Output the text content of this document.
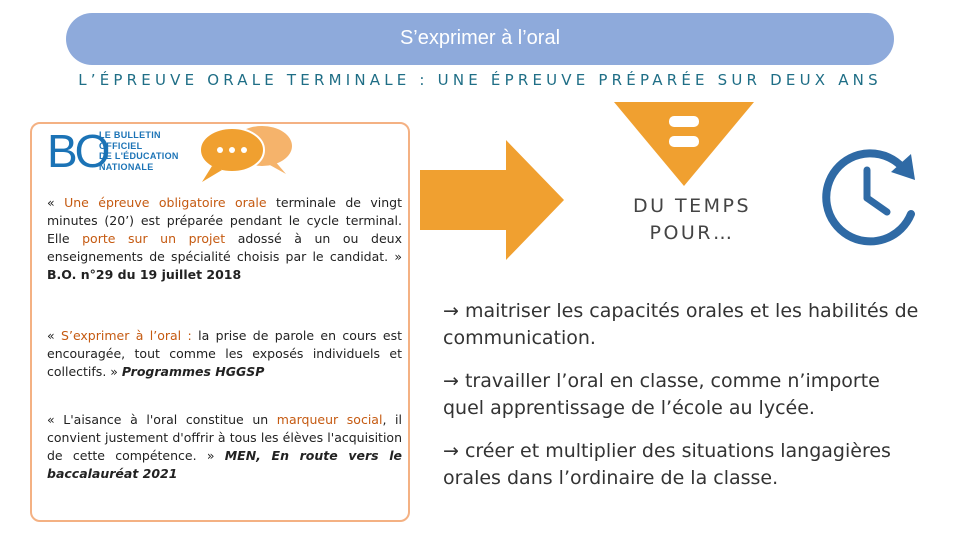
S’exprimer à l’oral
L’ÉPREUVE ORALE TERMINALE : UNE ÉPREUVE PRÉPARÉE SUR DEUX ANS
BO
LE BULLETIN
OFFICIEL
DE L'ÉDUCATION
NATIONALE
« Une épreuve obligatoire orale terminale de vingt minutes (20’) est préparée pendant le cycle terminal. Elle porte sur un projet adossé à un ou deux enseignements de spécialité choisis par le candidat. » B.O. n°29 du 19 juillet 2018
« S’exprimer à l’oral : la prise de parole en cours est encouragée, tout comme les exposés individuels et collectifs. » Programmes HGGSP
« L'aisance à l'oral constitue un marqueur social, il convient justement d'offrir à tous les élèves l'acquisition de cette compétence. » MEN, En route vers le baccalauréat 2021
DU TEMPS POUR…
→ maitriser les capacités orales et les habilités de communication.
→ travailler l’oral en classe, comme n’importe quel apprentissage de l’école au lycée.
→ créer et multiplier des situations langagières orales dans l’ordinaire de la classe.
